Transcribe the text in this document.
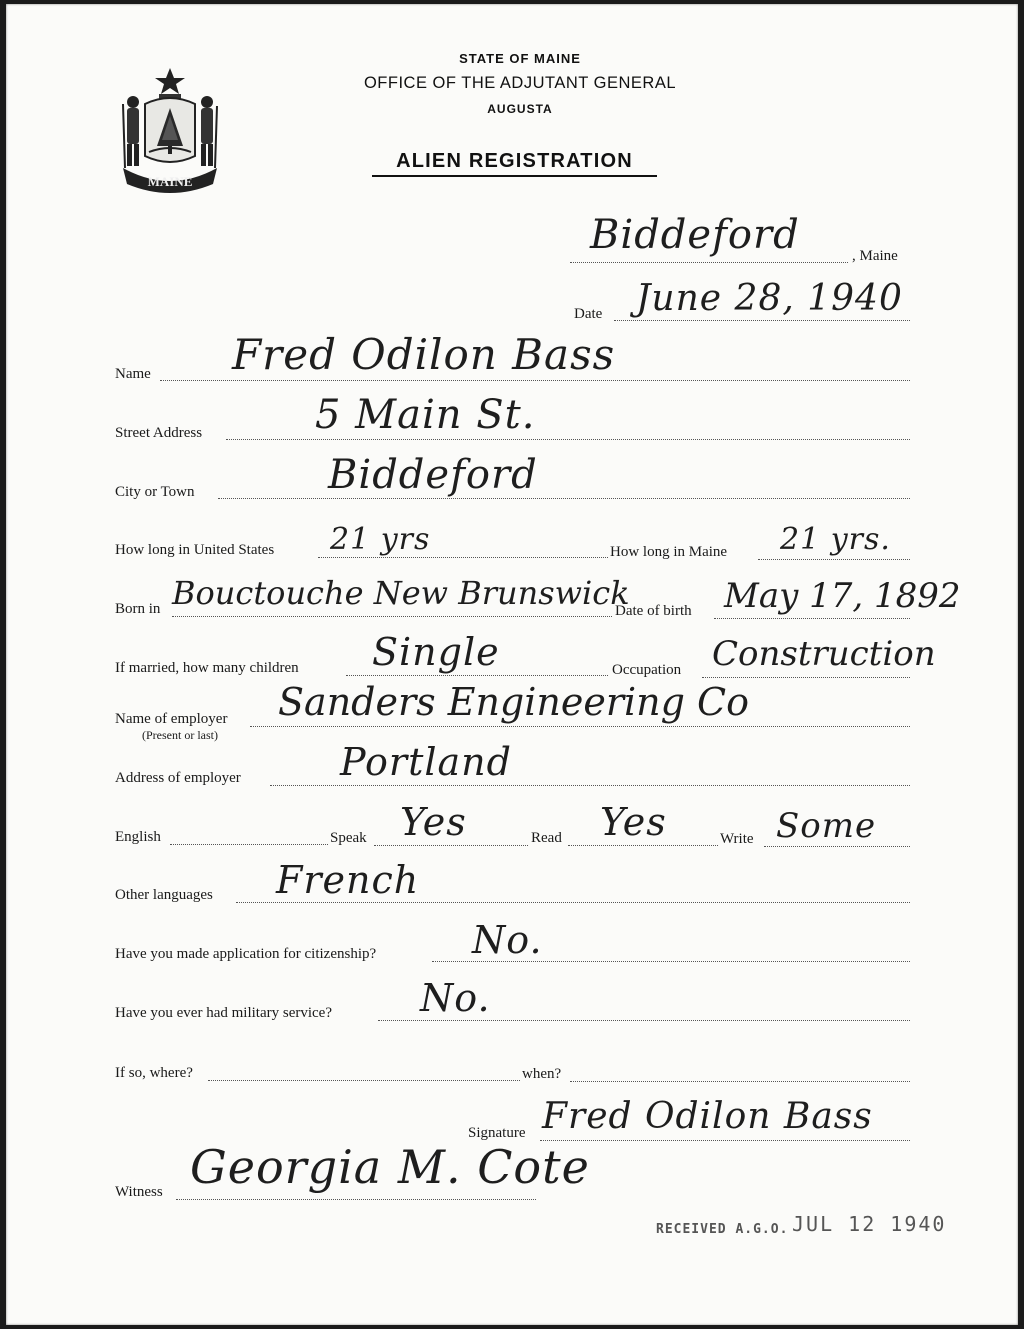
MAINE
STATE OF MAINE
OFFICE OF THE ADJUTANT GENERAL
AUGUSTA
ALIEN REGISTRATION
Biddeford	, Maine
Date June 28, 1940
Name Fred Odilon Bass
Street Address	5 Main St.
City or Town	Biddeford
How long in United States 21 yrs	How long in Maine 21 yrs.
Born in Bouctouche New Brunswick
Date of birth May 17, 1892
If married, how many children Single	Occupation Construction
Name of employer
(Present or last)
Sanders Engineering Co
Address of employer	Portland
English	Speak Yes	Read Yes	Write Some
Other languages French
Have you made application for citizenship?	No.
Have you ever had military service? No.
If so, where?	when?
Signature Fred Odilon Bass
Witness Georgia M. Cote
RECEIVED A.G.O. JUL 12 1940
